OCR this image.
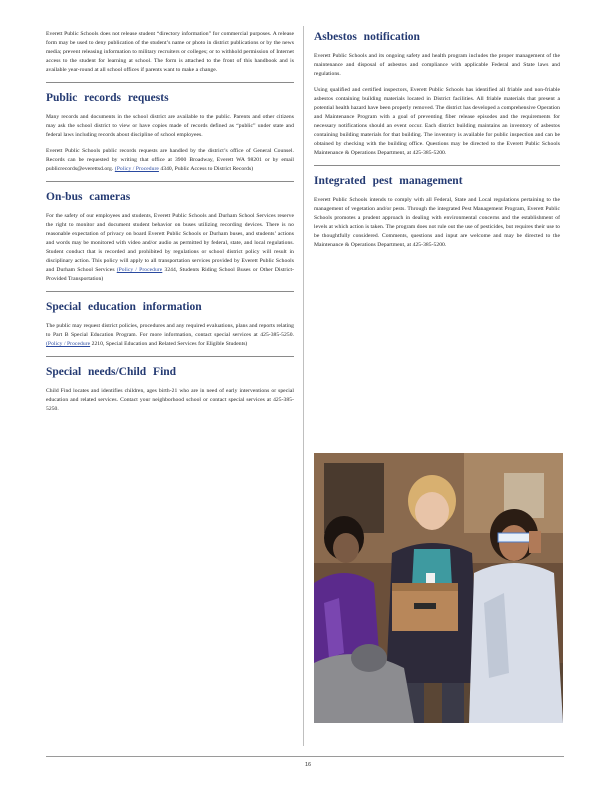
Everett Public Schools does not release student “directory information” for commercial purposes. A release form may be used to deny publication of the student’s name or photo in district publications or by the news media; prevent releasing information to military recruiters or colleges; or to withhold permission of Internet access to the student for learning at school. The form is attached to the front of this handbook and is available year-round at all school offices if parents want to make a change.

Public records requests

Many records and documents in the school district are available to the public. Parents and other citizens may ask the school district to view or have copies made of records defined as “public” under state and federal laws including records about discipline of school employees.

Everett Public Schools public records requests are handled by the district’s office of General Counsel. Records can be requested by writing that office at 3900 Broadway, Everett WA 98201 or by email publicrecords@everettsd.org. (Policy / Procedure 4340, Public Access to District Records)

On-bus cameras

For the safety of our employees and students, Everett Public Schools and Durham School Services reserve the right to monitor and document student behavior on buses utilizing recording devices. There is no reasonable expectation of privacy on board Everett Public Schools or Durham buses, and students’ actions and words may be monitored with video and/or audio as permitted by federal, state, and local regulations. Student conduct that is recorded and prohibited by regulations or school district policy will result in disciplinary action. This policy will apply to all transportation services provided by Everett Public Schools and Durham School Services (Policy / Procedure 3244, Students Riding School Buses or Other District-Provided Transportation)

Special education information

The public may request district policies, procedures and any required evaluations, plans and reports relating to Part B Special Education Program. For more information, contact special services at 425-385-5250. (Policy / Procedure 2210, Special Education and Related Services for Eligible Students)

Special needs/Child Find

Child Find locates and identifies children, ages birth-21 who are in need of early interventions or special education and related services. Contact your neighborhood school or contact special services at 425-385-5250.

Asbestos notification

Everett Public Schools and its ongoing safety and health program includes the proper management of the maintenance and disposal of asbestos and compliance with applicable Federal and State laws and regulations.

Using qualified and certified inspectors, Everett Public Schools has identified all friable and non-friable asbestos containing building materials located in District facilities. All friable materials that present a potential health hazard have been properly removed. The district has developed a comprehensive Operation and Maintenance Program with a goal of preventing fiber release episodes and the requirements for necessary notifications should an event occur. Each district building maintains an inventory of asbestos containing building materials for that building. The inventory is available for public inspection and can be obtained by checking with the building office. Questions may be directed to the Everett Public Schools Maintenance & Operations Department, at 425-385-5200.

Integrated pest management

Everett Public Schools intends to comply with all Federal, State and Local regulations pertaining to the management of vegetation and/or pests. Through the integrated Pest Management Program, Everett Public Schools promotes a prudent approach in dealing with environmental concerns and the establishment of levels at which action is taken. The program does not rule out the use of pesticides, but requires their use to be thoughtfully considered. Comments, questions and input are welcome and may be directed to the Maintenance & Operations Department, at 425-385-5200.

16
